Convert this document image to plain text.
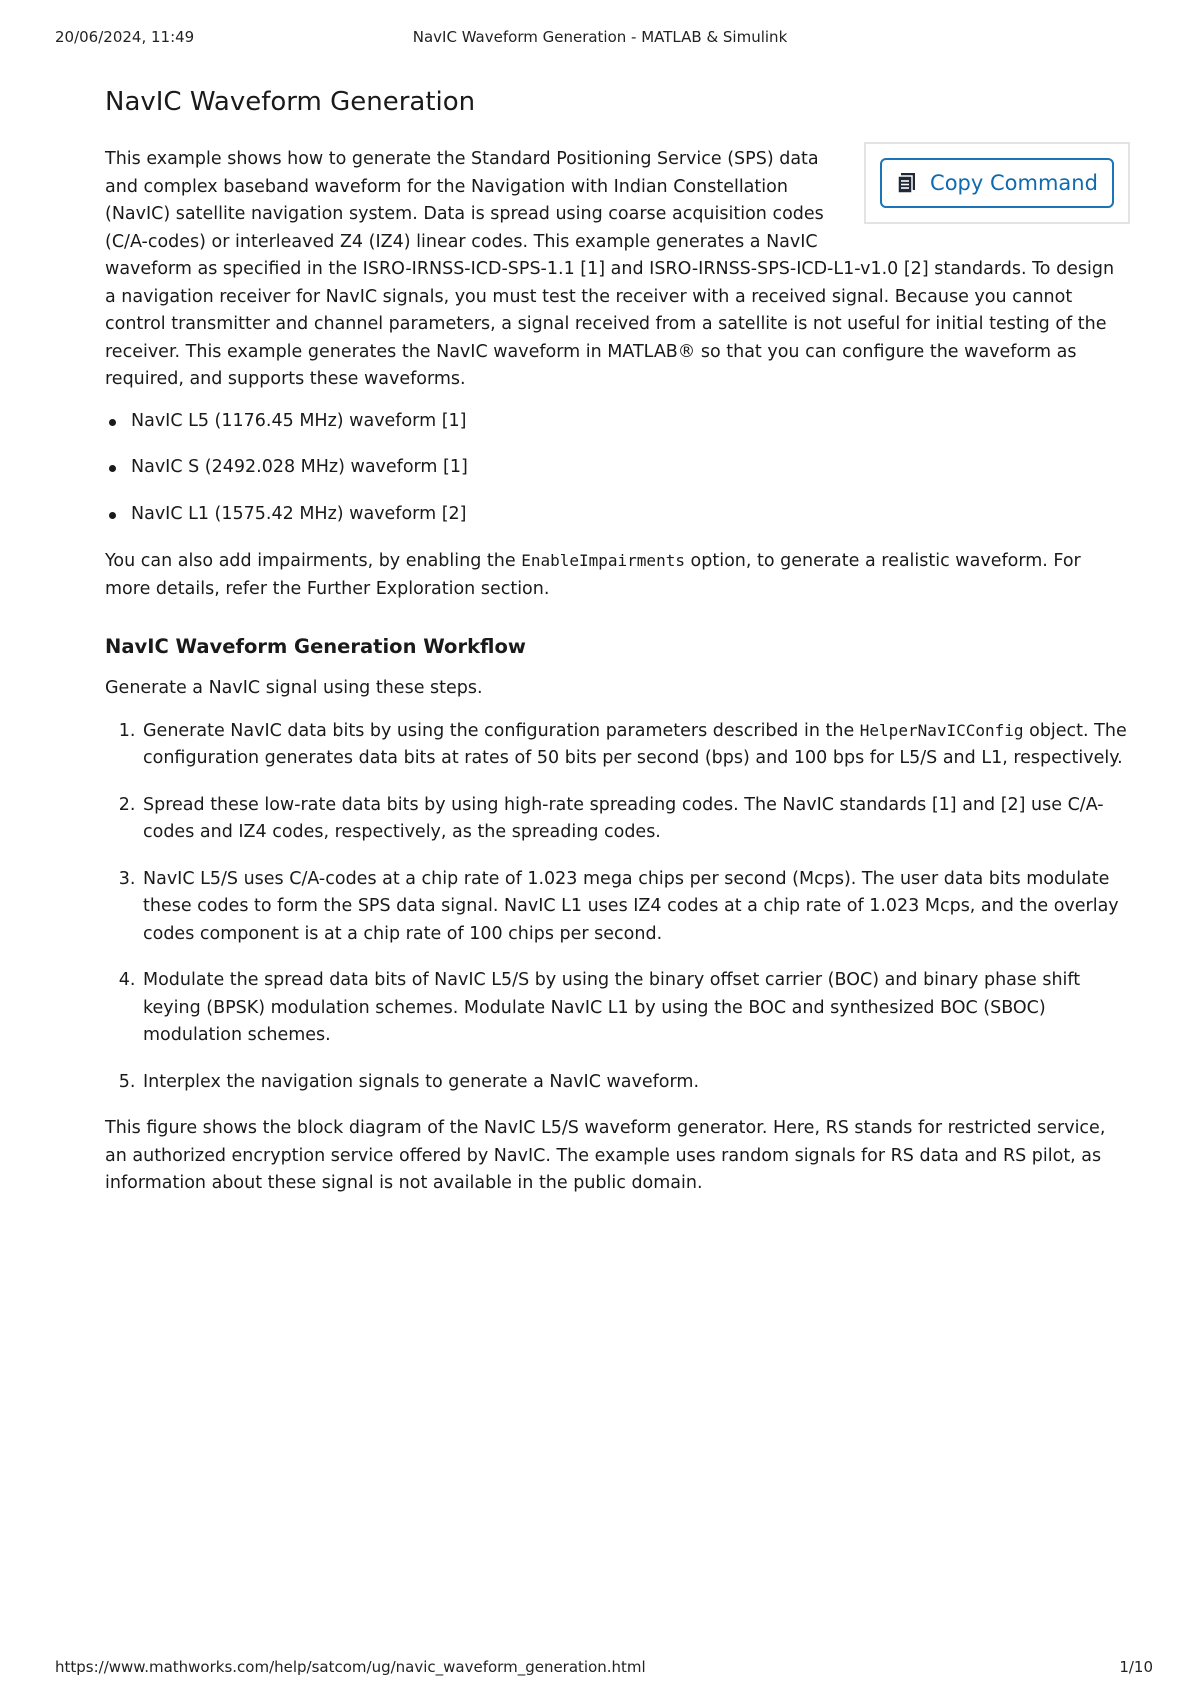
20/06/2024, 11:49	NavIC Waveform Generation - MATLAB & Simulink
NavIC Waveform Generation
Copy Command

This example shows how to generate the Standard Positioning Service (SPS) data and complex baseband waveform for the Navigation with Indian Constellation (NavIC) satellite navigation system. Data is spread using coarse acquisition codes (C/A-codes) or interleaved Z4 (IZ4) linear codes. This example generates a NavIC waveform as specified in the ISRO-IRNSS-ICD-SPS-1.1 [1] and ISRO-IRNSS-SPS-ICD-L1-v1.0 [2] standards. To design a navigation receiver for NavIC signals, you must test the receiver with a received signal. Because you cannot control transmitter and channel parameters, a signal received from a satellite is not useful for initial testing of the receiver. This example generates the NavIC waveform in MATLAB® so that you can configure the waveform as required, and supports these waveforms.

NavIC L5 (1176.45 MHz) waveform [1]
NavIC S (2492.028 MHz) waveform [1]
NavIC L1 (1575.42 MHz) waveform [2]

You can also add impairments, by enabling the EnableImpairments option, to generate a realistic waveform. For more details, refer the Further Exploration section.

NavIC Waveform Generation Workflow

Generate a NavIC signal using these steps.

1. Generate NavIC data bits by using the configuration parameters described in the HelperNavICConfig object. The configuration generates data bits at rates of 50 bits per second (bps) and 100 bps for L5/S and L1, respectively.
2. Spread these low-rate data bits by using high-rate spreading codes. The NavIC standards [1] and [2] use C/A-codes and IZ4 codes, respectively, as the spreading codes.
3. NavIC L5/S uses C/A-codes at a chip rate of 1.023 mega chips per second (Mcps). The user data bits modulate these codes to form the SPS data signal. NavIC L1 uses IZ4 codes at a chip rate of 1.023 Mcps, and the overlay codes component is at a chip rate of 100 chips per second.
4. Modulate the spread data bits of NavIC L5/S by using the binary offset carrier (BOC) and binary phase shift keying (BPSK) modulation schemes. Modulate NavIC L1 by using the BOC and synthesized BOC (SBOC) modulation schemes.
5. Interplex the navigation signals to generate a NavIC waveform.

This figure shows the block diagram of the NavIC L5/S waveform generator. Here, RS stands for restricted service, an authorized encryption service offered by NavIC. The example uses random signals for RS data and RS pilot, as information about these signal is not available in the public domain.

https://www.mathworks.com/help/satcom/ug/navic_waveform_generation.html	1/10
